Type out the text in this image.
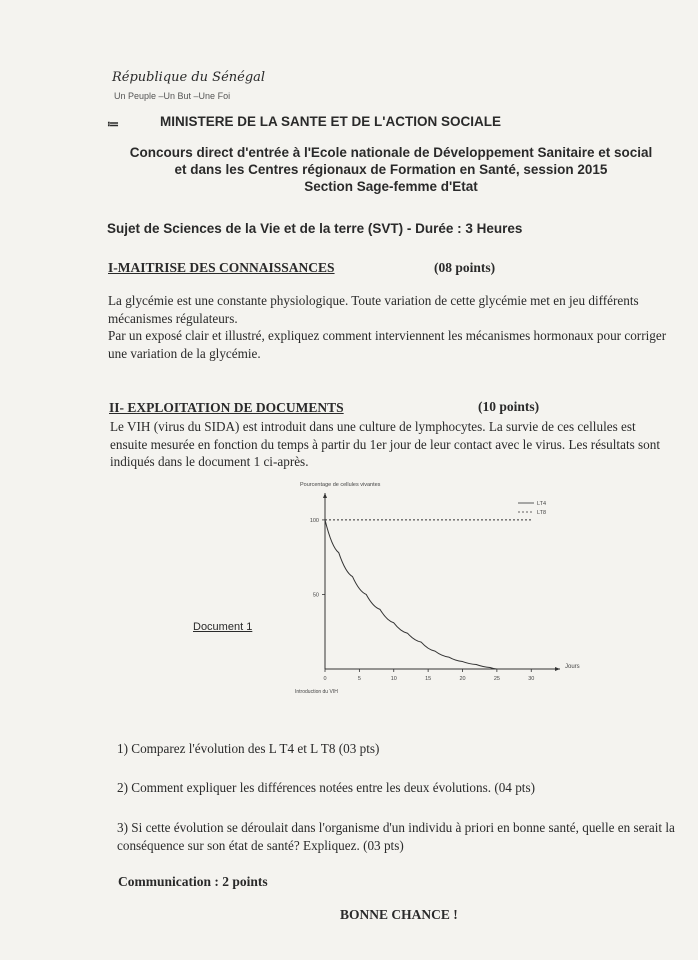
République du Sénégal
Un Peuple –Un But –Une Foi
≔	MINISTERE DE LA SANTE ET DE L'ACTION SOCIALE
Concours direct d'entrée à l'Ecole nationale de Développement Sanitaire et social
et dans les Centres régionaux de Formation en Santé, session 2015
Section Sage-femme d'Etat
Sujet de Sciences de la Vie et de la terre (SVT) - Durée : 3 Heures
I-MAITRISE DES CONNAISSANCES	(08 points)
La glycémie est une constante physiologique. Toute variation de cette glycémie met en jeu différents mécanismes régulateurs.
Par un exposé clair et illustré, expliquez comment interviennent les mécanismes hormonaux pour corriger une variation de la glycémie.
II- EXPLOITATION DE DOCUMENTS	(10 points)
Le VIH (virus du SIDA) est introduit dans une culture de lymphocytes. La survie de ces cellules est ensuite mesurée en fonction du temps à partir du 1er jour de leur contact avec le virus. Les résultats sont indiqués dans le document 1 ci-après.
Document 1
Pourcentage de cellules vivantes
Jours
Introduction du VIH
0	5	10	15	20	25	30
50
100
LT4
LT8
1) Comparez l'évolution des L T4 et L T8 (03 pts)
2) Comment expliquer les différences notées entre les deux évolutions. (04 pts)
3) Si cette évolution se déroulait dans l'organisme d'un individu à priori en bonne santé, quelle en serait la conséquence sur son état de santé? Expliquez. (03 pts)
Communication : 2 points
BONNE CHANCE !
